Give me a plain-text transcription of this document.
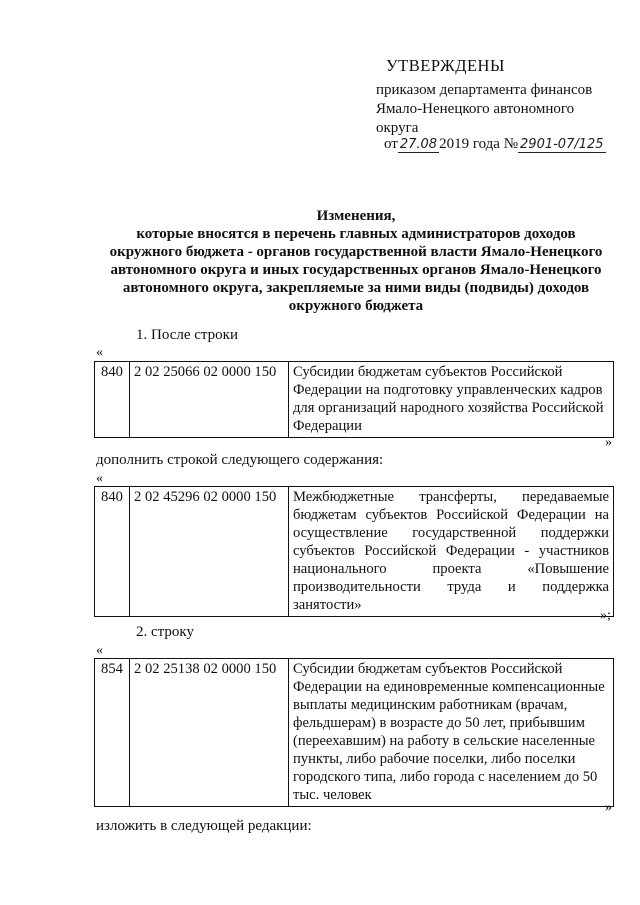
УТВЕРЖДЕНЫ
приказом департамента финансов
Ямало-Ненецкого автономного
округа
от 27.08 2019 года № 2901-07/125
Изменения,
которые вносятся в перечень главных администраторов доходов
окружного бюджета - органов государственной власти Ямало-Ненецкого
автономного округа и иных государственных органов Ямало-Ненецкого
автономного округа, закрепляемые за ними виды (подвиды) доходов
окружного бюджета
1. После строки
«
840	2 02 25066 02 0000 150	Субсидии бюджетам субъектов Российской Федерации на подготовку управленческих кадров для организаций народного хозяйства Российской Федерации
»
дополнить строкой следующего содержания:
«
840	2 02 45296 02 0000 150	Межбюджетные трансферты, передаваемые бюджетам субъектов Российской Федерации на осуществление государственной поддержки субъектов Российской Федерации - участников национального проекта «Повышение производительности труда и поддержка занятости»
»;
2. строку
«
854	2 02 25138 02 0000 150	Субсидии бюджетам субъектов Российской Федерации на единовременные компенсационные выплаты медицинским работникам (врачам, фельдшерам) в возрасте до 50 лет, прибывшим (переехавшим) на работу в сельские населенные пункты, либо рабочие поселки, либо поселки городского типа, либо города с населением до 50 тыс. человек
»
изложить в следующей редакции:
